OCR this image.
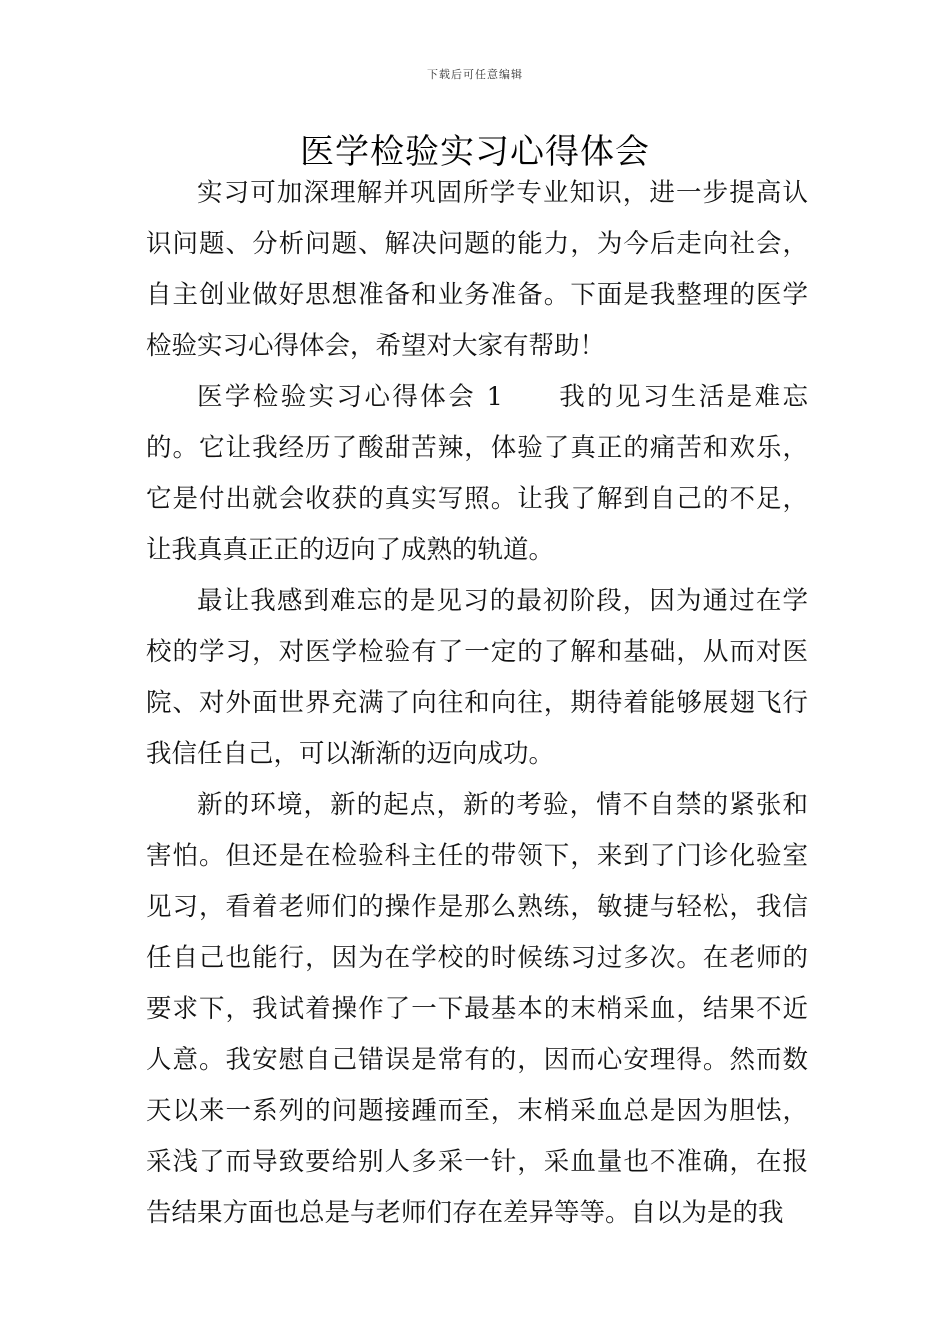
下载后可任意编辑
医学检验实习心得体会

实习可加深理解并巩固所学专业知识，进一步提高认识问题、分析问题、解决问题的能力，为今后走向社会，自主创业做好思想准备和业务准备。下面是我整理的医学检验实习心得体会，希望对大家有帮助！

医学检验实习心得体会 1 我的见习生活是难忘的。它让我经历了酸甜苦辣，体验了真正的痛苦和欢乐，它是付出就会收获的真实写照。让我了解到自己的不足，让我真真正正的迈向了成熟的轨道。

最让我感到难忘的是见习的最初阶段，因为通过在学校的学习，对医学检验有了一定的了解和基础，从而对医院、对外面世界充满了向往和向往，期待着能够展翅飞行我信任自己，可以渐渐的迈向成功。

新的环境，新的起点，新的考验，情不自禁的紧张和害怕。但还是在检验科主任的带领下，来到了门诊化验室见习，看着老师们的操作是那么熟练，敏捷与轻松，我信任自己也能行，因为在学校的时候练习过多次。在老师的要求下，我试着操作了一下最基本的末梢采血，结果不近人意。我安慰自己错误是常有的，因而心安理得。然而数天以来一系列的问题接踵而至，末梢采血总是因为胆怯，采浅了而导致要给别人多采一针，采血量也不准确，在报告结果方面也总是与老师们存在差异等等。自以为是的我
